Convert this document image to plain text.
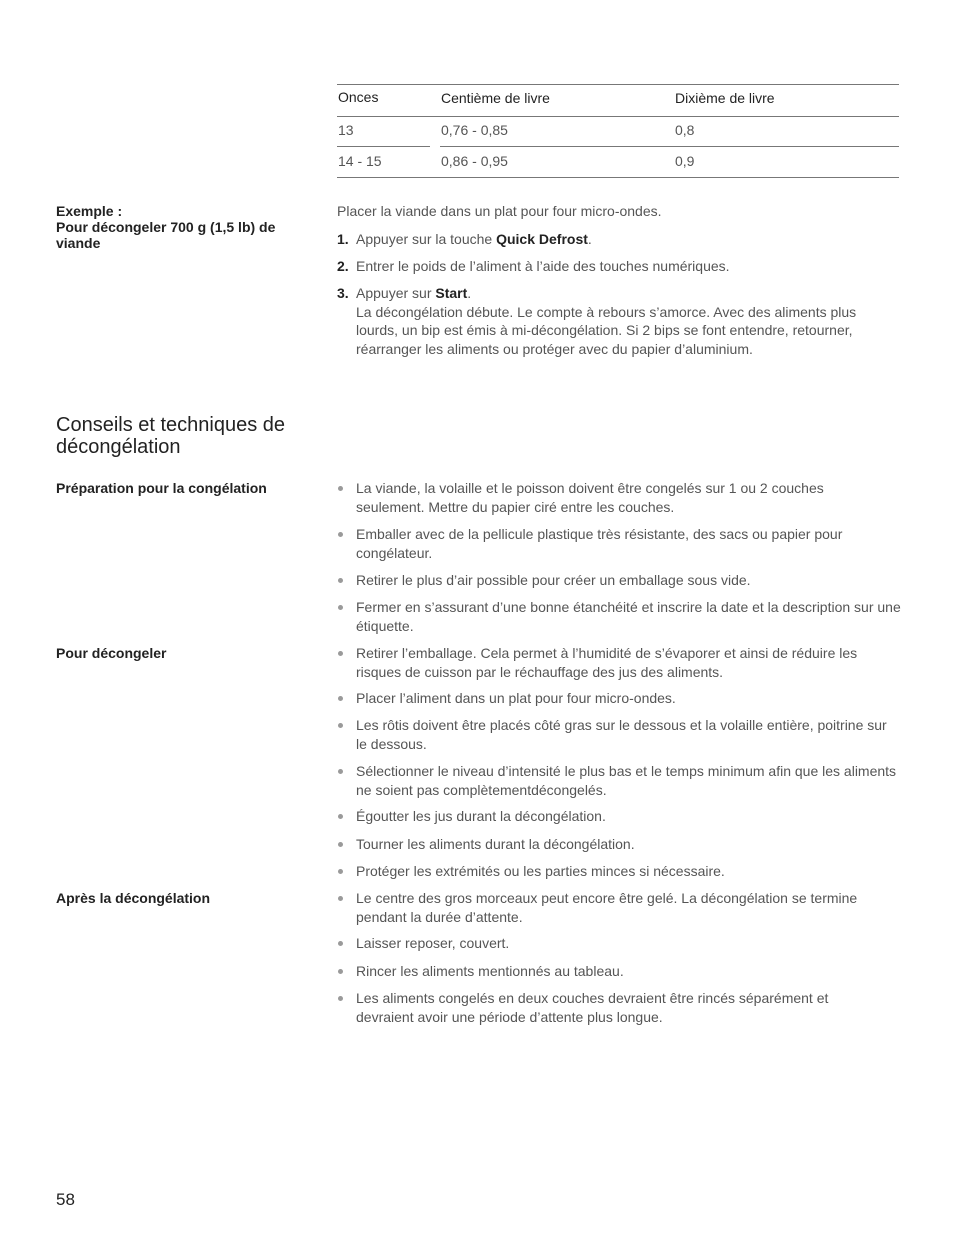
Onces	Centième de livre	Dixième de livre
13	0,76 - 0,85	0,8
14 - 15	0,86 - 0,95	0,9
Exemple :
Pour décongeler 700 g (1,5 lb) de viande
Placer la viande dans un plat pour four micro-ondes.
1. Appuyer sur la touche Quick Defrost.
2. Entrer le poids de l’aliment à l’aide des touches numériques.
3. Appuyer sur Start.
La décongélation débute. Le compte à rebours s’amorce. Avec des aliments plus lourds, un bip est émis à mi-décongélation. Si 2 bips se font entendre, retourner, réarranger les aliments ou protéger avec du papier d’aluminium.
Conseils et techniques de décongélation
Préparation pour la congélation	La viande, la volaille et le poisson doivent être congelés sur 1 ou 2 couches seulement. Mettre du papier ciré entre les couches.
Emballer avec de la pellicule plastique très résistante, des sacs ou papier pour congélateur.
Retirer le plus d’air possible pour créer un emballage sous vide.
Fermer en s’assurant d’une bonne étanchéité et inscrire la date et la description sur une étiquette.
Pour décongeler	Retirer l’emballage. Cela permet à l’humidité de s’évaporer et ainsi de réduire les risques de cuisson par le réchauffage des jus des aliments.
Placer l’aliment dans un plat pour four micro-ondes.
Les rôtis doivent être placés côté gras sur le dessous et la volaille entière, poitrine sur le dessous.
Sélectionner le niveau d’intensité le plus bas et le temps minimum afin que les aliments ne soient pas complètementdécongelés.
Égoutter les jus durant la décongélation.
Tourner les aliments durant la décongélation.
Protéger les extrémités ou les parties minces si nécessaire.
Après la décongélation	Le centre des gros morceaux peut encore être gelé. La décongélation se termine pendant la durée d’attente.
Laisser reposer, couvert.
Rincer les aliments mentionnés au tableau.
Les aliments congelés en deux couches devraient être rincés séparément et devraient avoir une période d’attente plus longue.
58
